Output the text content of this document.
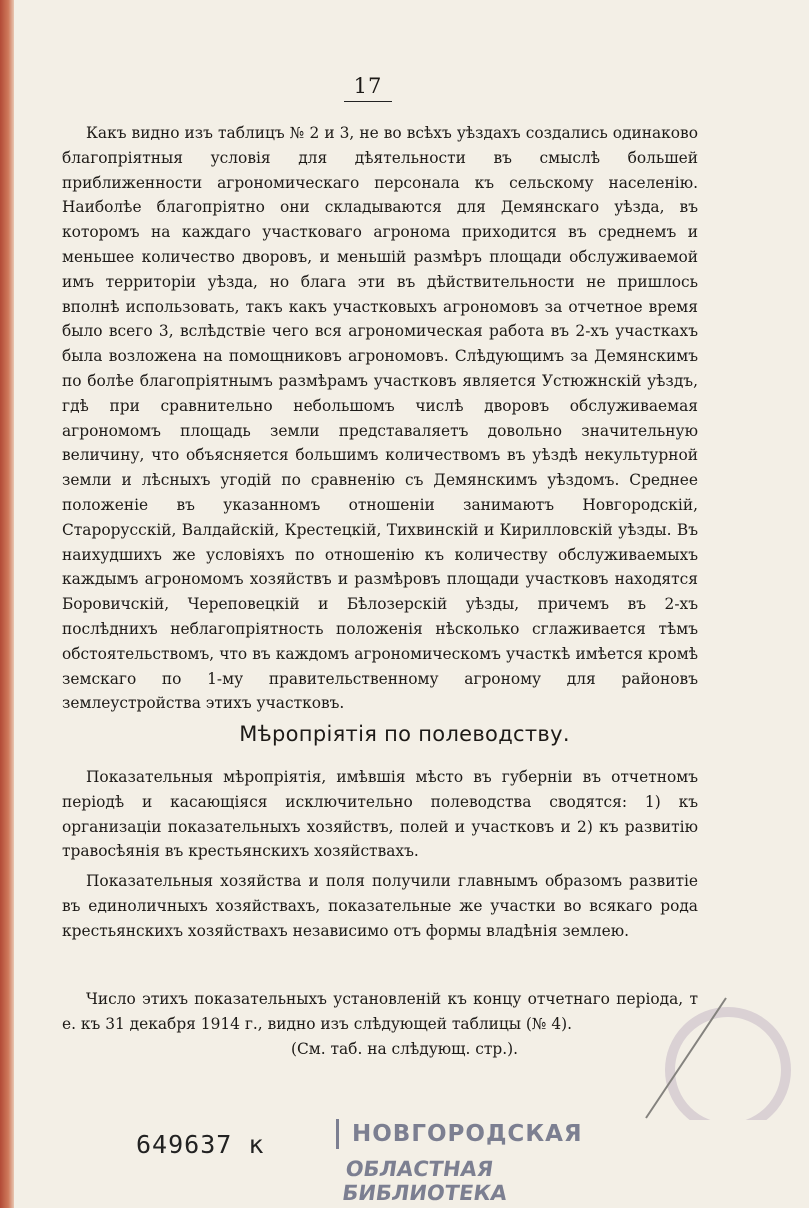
17

Какъ видно изъ таблицъ № 2 и 3, не во всѣхъ уѣздахъ создались одинаково благопріятныя условія для дѣятельности въ смыслѣ большей приближенности агрономическаго персонала къ сельскому населенію. Наиболѣе благопріятно они складываются для Демянскаго уѣзда, въ которомъ на каждаго участковаго агронома приходится въ среднемъ и меньшее количество дворовъ, и меньшій размѣръ площади обслуживаемой имъ территоріи уѣзда, но блага эти въ дѣйствительности не пришлось вполнѣ использовать, такъ какъ участковыхъ агрономовъ за отчетное время было всего 3, вслѣдствіе чего вся агрономическая работа въ 2-хъ участкахъ была возложена на помощниковъ агрономовъ. Слѣдующимъ за Демянскимъ по болѣе благопріятнымъ размѣрамъ участковъ является Устюжнскій уѣздъ, гдѣ при сравнительно небольшомъ числѣ дворовъ обслуживаемая агрономомъ площадь земли представаляетъ довольно значительную величину, что объясняется большимъ количествомъ въ уѣздѣ некультурной земли и лѣсныхъ угодій по сравненію съ Демянскимъ уѣздомъ. Среднее положеніе въ указанномъ отношеніи занимаютъ Новгородскій, Старорусскій, Валдайскій, Крестецкій, Тихвинскій и Кирилловскій уѣзды. Въ наихудшихъ же условіяхъ по отношенію къ количеству обслуживаемыхъ каждымъ агрономомъ хозяйствъ и размѣровъ площади участковъ находятся Боровичскій, Череповецкій и Бѣлозерскій уѣзды, причемъ въ 2-хъ послѣднихъ неблагопріятность положенія нѣсколько сглаживается тѣмъ обстоятельствомъ, что въ каждомъ агрономическомъ участкѣ имѣется кромѣ земскаго по 1-му правительственному агроному для районовъ землеустройства этихъ участковъ.

Мѣропріятія по полеводству.

Показательныя мѣропріятія, имѣвшія мѣсто въ губерніи въ отчетномъ періодѣ и касающіяся исключительно полеводства сводятся: 1) къ организаціи показательныхъ хозяйствъ, полей и участковъ и 2) къ развитію травосѣянія въ крестьянскихъ хозяйствахъ.

Показательныя хозяйства и поля получили главнымъ образомъ развитіе въ единоличныхъ хозяйствахъ, показательные же участки во всякаго рода крестьянскихъ хозяйствахъ независимо отъ формы владѣнія землею.

Число этихъ показательныхъ установленій къ концу отчетнаго періода, т е. къ 31 декабря 1914 г., видно изъ слѣдующей таблицы (№ 4).

(См. таб. на слѣдующ. стр.).
649637 к	НОВГОРОДСКАЯ
ОБЛАСТНАЯ БИБЛИОТЕКА
